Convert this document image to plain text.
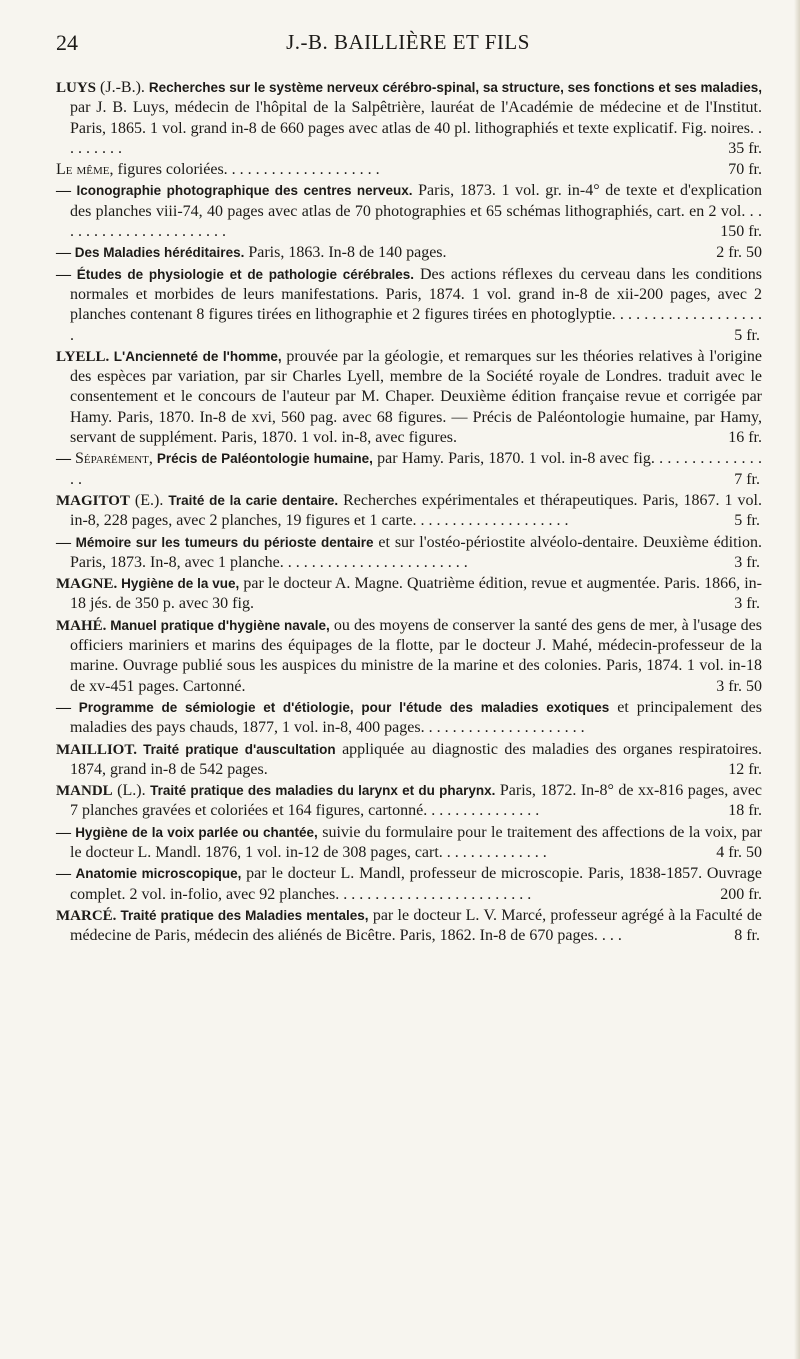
24	J.-B. BAILLIÈRE ET FILS

LUYS (J.-B.). Recherches sur le système nerveux cérébro-spinal, sa structure, ses fonctions et ses maladies, par J. B. Luys, médecin de l'hôpital de la Salpêtrière, lauréat de l'Académie de médecine et de l'Institut. Paris, 1865. 1 vol. grand in-8 de 660 pages avec atlas de 40 pl. lithographiés et texte explicatif. Fig. noires. . . . . . . . .	35 fr.

Le même, figures coloriées. . . . . . . . . . . . . . . . . . . .	70 fr.

— Iconographie photographique des centres nerveux. Paris, 1873. 1 vol. gr. in-4° de texte et d'explication des planches viii-74, 40 pages avec atlas de 70 photographies et 65 schémas lithographiés, cart. en 2 vol. . . . . . . . . . . . . . . . . . . . . . .	150 fr.

— Des Maladies héréditaires. Paris, 1863. In-8 de 140 pages.	2 fr. 50

— Études de physiologie et de pathologie cérébrales. Des actions réflexes du cerveau dans les conditions normales et morbides de leurs manifestations. Paris, 1874. 1 vol. grand in-8 de xii-200 pages, avec 2 planches contenant 8 figures tirées en lithographie et 2 figures tirées en photoglyptie. . . . . . . . . . . . . . . . . . . .	5 fr.

LYELL. L'Ancienneté de l'homme, prouvée par la géologie, et remarques sur les théories relatives à l'origine des espèces par variation, par sir Charles Lyell, membre de la Société royale de Londres. traduit avec le consentement et le concours de l'auteur par M. Chaper. Deuxième édition française revue et corrigée par Hamy. Paris, 1870. In-8 de xvi, 560 pag. avec 68 figures. — Précis de Paléontologie humaine, par Hamy, servant de supplément. Paris, 1870. 1 vol. in-8, avec figures.	16 fr.

— Séparément, Précis de Paléontologie humaine, par Hamy. Paris, 1870. 1 vol. in-8 avec fig. . . . . . . . . . . . . . . .	7 fr.

MAGITOT (E.). Traité de la carie dentaire. Recherches expérimentales et thérapeutiques. Paris, 1867. 1 vol. in-8, 228 pages, avec 2 planches, 19 figures et 1 carte. . . . . . . . . . . . . . . . . . . .	5 fr.

— Mémoire sur les tumeurs du périoste dentaire et sur l'ostéo-périostite alvéolo-dentaire. Deuxième édition. Paris, 1873. In-8, avec 1 planche. . . . . . . . . . . . . . . . . . . . . . . .	3 fr.

MAGNE. Hygiène de la vue, par le docteur A. Magne. Quatrième édition, revue et augmentée. Paris. 1866, in-18 jés. de 350 p. avec 30 fig.	3 fr.

MAHÉ. Manuel pratique d'hygiène navale, ou des moyens de conserver la santé des gens de mer, à l'usage des officiers mariniers et marins des équipages de la flotte, par le docteur J. Mahé, médecin-professeur de la marine. Ouvrage publié sous les auspices du ministre de la marine et des colonies. Paris, 1874. 1 vol. in-18 de xv-451 pages. Cartonné.	3 fr. 50

— Programme de sémiologie et d'étiologie, pour l'étude des maladies exotiques et principalement des maladies des pays chauds, 1877, 1 vol. in-8, 400 pages. . . . . . . . . . . . . . . . . . . . .

MAILLIOT. Traité pratique d'auscultation appliquée au diagnostic des maladies des organes respiratoires. 1874, grand in-8 de 542 pages.	12 fr.

MANDL (L.). Traité pratique des maladies du larynx et du pharynx. Paris, 1872. In-8° de xx-816 pages, avec 7 planches gravées et coloriées et 164 figures, cartonné. . . . . . . . . . . . . . .	18 fr.

— Hygiène de la voix parlée ou chantée, suivie du formulaire pour le traitement des affections de la voix, par le docteur L. Mandl. 1876, 1 vol. in-12 de 308 pages, cart. . . . . . . . . . . . . .	4 fr. 50

— Anatomie microscopique, par le docteur L. Mandl, professeur de microscopie. Paris, 1838-1857. Ouvrage complet. 2 vol. in-folio, avec 92 planches. . . . . . . . . . . . . . . . . . . . . . . . .	200 fr.

MARCÉ. Traité pratique des Maladies mentales, par le docteur L. V. Marcé, professeur agrégé à la Faculté de médecine de Paris, médecin des aliénés de Bicêtre. Paris, 1862. In-8 de 670 pages. . . .	8 fr.
